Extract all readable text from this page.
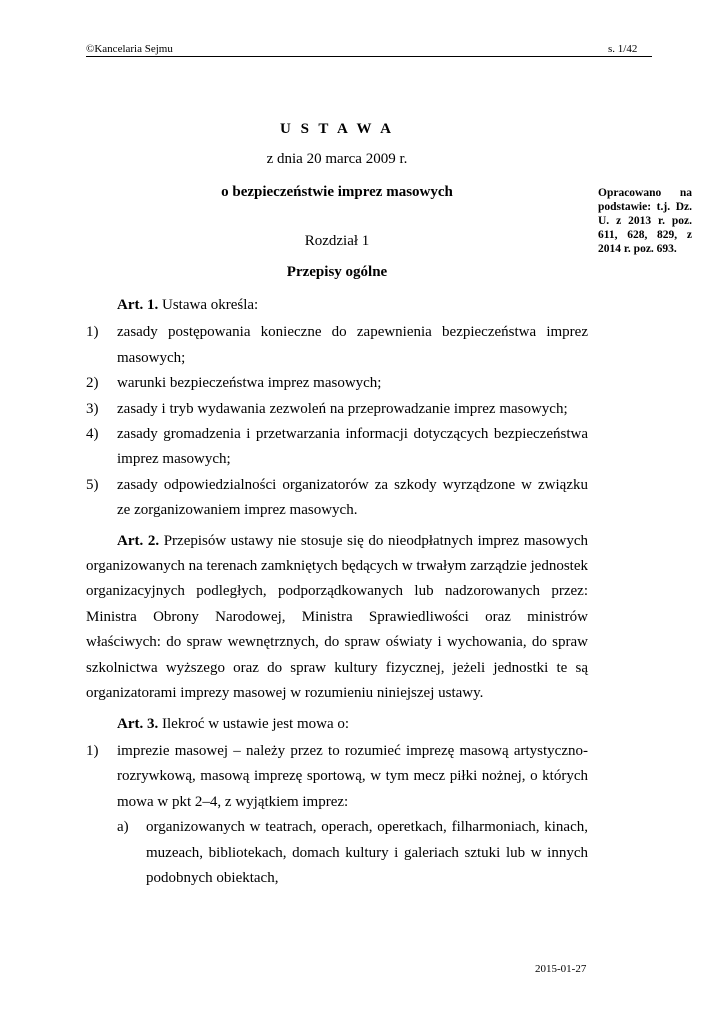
©Kancelaria Sejmu	s. 1/42
U S T A W A
z dnia 20 marca 2009 r.
o bezpieczeństwie imprez masowych
Rozdział 1
Przepisy ogólne
Opracowano na podstawie: t.j. Dz. U. z 2013 r. poz. 611, 628, 829, z 2014 r. poz. 693.

Art. 1. Ustawa określa:

1) zasady postępowania konieczne do zapewnienia bezpieczeństwa imprez masowych;
2) warunki bezpieczeństwa imprez masowych;
3) zasady i tryb wydawania zezwoleń na przeprowadzanie imprez masowych;
4) zasady gromadzenia i przetwarzania informacji dotyczących bezpieczeństwa imprez masowych;
5) zasady odpowiedzialności organizatorów za szkody wyrządzone w związku ze zorganizowaniem imprez masowych.

Art. 2. Przepisów ustawy nie stosuje się do nieodpłatnych imprez masowych organizowanych na terenach zamkniętych będących w trwałym zarządzie jednostek organizacyjnych podległych, podporządkowanych lub nadzorowanych przez: Ministra Obrony Narodowej, Ministra Sprawiedliwości oraz ministrów właściwych: do spraw wewnętrznych, do spraw oświaty i wychowania, do spraw szkolnictwa wyższego oraz do spraw kultury fizycznej, jeżeli jednostki te są organizatorami imprezy masowej w rozumieniu niniejszej ustawy.

Art. 3. Ilekroć w ustawie jest mowa o:

1) imprezie masowej – należy przez to rozumieć imprezę masową artystyczno-rozrywkową, masową imprezę sportową, w tym mecz piłki nożnej, o których mowa w pkt 2–4, z wyjątkiem imprez:
a) organizowanych w teatrach, operach, operetkach, filharmoniach, kinach, muzeach, bibliotekach, domach kultury i galeriach sztuki lub w innych podobnych obiektach,
2015-01-27
